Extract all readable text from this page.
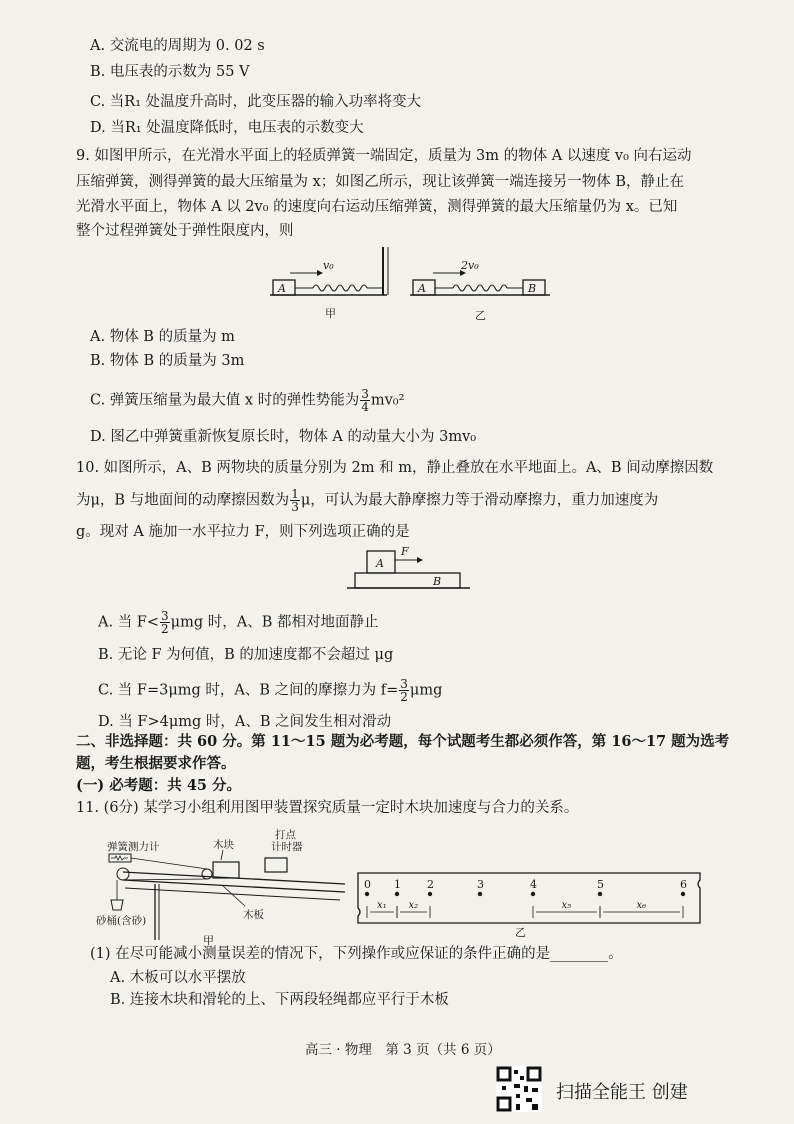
A. 交流电的周期为 0. 02 s
B. 电压表的示数为 55 V
C. 当R₁ 处温度升高时，此变压器的输入功率将变大
D. 当R₁ 处温度降低时，电压表的示数变大
9. 如图甲所示，在光滑水平面上的轻质弹簧一端固定，质量为 3m 的物体 A 以速度 v₀ 向右运动
压缩弹簧，测得弹簧的最大压缩量为 x；如图乙所示，现让该弹簧一端连接另一物体 B，静止在
光滑水平面上，物体 A 以 2v₀ 的速度向右运动压缩弹簧，测得弹簧的最大压缩量仍为 x。已知
整个过程弹簧处于弹性限度内，则
A
v₀
甲
A	B
2v₀
乙
A. 物体 B 的质量为 m
B. 物体 B 的质量为 3m
C. 弹簧压缩量为最大值 x 时的弹性势能为 $\frac{3}{4} mv_0^2$
D. 图乙中弹簧重新恢复原长时，物体 A 的动量大小为 3mv₀
10. 如图所示，A、B 两物块的质量分别为 2m 和 m，静止叠放在水平地面上。A、B 间动摩擦因数
为μ，B 与地面间的动摩擦因数为 $\frac{1}{3}$ μ，可认为最大静摩擦力等于滑动摩擦力，重力加速度为
g。现对 A 施加一水平拉力 F，则下列选项正确的是
B
A
F
A. 当 $F< \frac{3}{2}$ μmg 时，A、B 都相对地面静止
B. 无论 F 为何值，B 的加速度都不会超过 μg
C. 当 F=3μmg 时，A、B 之间的摩擦力为 $f= \frac{3}{2}$ μmg
D. 当 F>4μmg 时，A、B 之间发生相对滑动
二、非选择题：共 60 分。第 11～15 题为必考题，每个试题考生都必须作答，第 16～17 题为选考
题，考生根据要求作答。
(一) 必考题：共 45 分。
11. (6分) 某学习小组利用图甲装置探究质量一定时木块加速度与合力的关系。
弹簧测力计	木块
打点
计时器
砂桶(含砂)	木板
甲
乙
0 1 2	3	4	5	6
x₁ x₂	x₅	x₆
(1) 在尽可能减小测量误差的情况下，下列操作或应保证的条件正确的是________。
A. 木板可以水平摆放
B. 连接木块和滑轮的上、下两段轻绳都应平行于木板
高三 · 物理　第 3 页（共 6 页）
扫描全能王 创建
